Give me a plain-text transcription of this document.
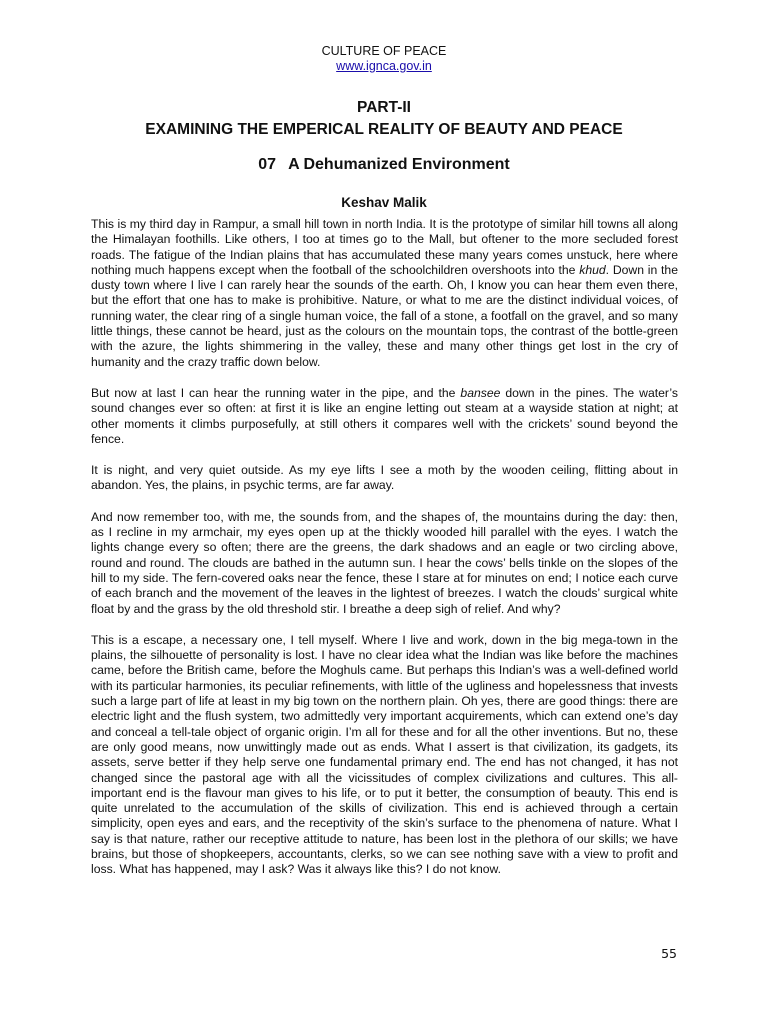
CULTURE OF PEACE
www.ignca.gov.in
PART-II
EXAMINING THE EMPERICAL REALITY OF BEAUTY AND PEACE
07 A Dehumanized Environment
Keshav Malik

This is my third day in Rampur, a small hill town in north India. It is the prototype of similar hill towns all along the Himalayan foothills. Like others, I too at times go to the Mall, but oftener to the more secluded forest roads. The fatigue of the Indian plains that has accumulated these many years comes unstuck, here where nothing much happens except when the football of the schoolchildren overshoots into the khud. Down in the dusty town where I live I can rarely hear the sounds of the earth. Oh, I know you can hear them even there, but the effort that one has to make is prohibitive. Nature, or what to me are the distinct individual voices, of running water, the clear ring of a single human voice, the fall of a stone, a footfall on the gravel, and so many little things, these cannot be heard, just as the colours on the mountain tops, the contrast of the bottle-green with the azure, the lights shimmering in the valley, these and many other things get lost in the cry of humanity and the crazy traffic down below.

But now at last I can hear the running water in the pipe, and the bansee down in the pines. The water’s sound changes ever so often: at first it is like an engine letting out steam at a wayside station at night; at other moments it climbs purposefully, at still others it compares well with the crickets’ sound beyond the fence.

It is night, and very quiet outside. As my eye lifts I see a moth by the wooden ceiling, flitting about in abandon. Yes, the plains, in psychic terms, are far away.

And now remember too, with me, the sounds from, and the shapes of, the mountains during the day: then, as I recline in my armchair, my eyes open up at the thickly wooded hill parallel with the eyes. I watch the lights change every so often; there are the greens, the dark shadows and an eagle or two circling above, round and round. The clouds are bathed in the autumn sun. I hear the cows’ bells tinkle on the slopes of the hill to my side. The fern-covered oaks near the fence, these I stare at for minutes on end; I notice each curve of each branch and the movement of the leaves in the lightest of breezes. I watch the clouds’ surgical white float by and the grass by the old threshold stir. I breathe a deep sigh of relief. And why?

This is a escape, a necessary one, I tell myself. Where I live and work, down in the big mega-town in the plains, the silhouette of personality is lost. I have no clear idea what the Indian was like before the machines came, before the British came, before the Moghuls came. But perhaps this Indian’s was a well-defined world with its particular harmonies, its peculiar refinements, with little of the ugliness and hopelessness that invests such a large part of life at least in my big town on the northern plain. Oh yes, there are good things: there are electric light and the flush system, two admittedly very important acquirements, which can extend one’s day and conceal a tell-tale object of organic origin. I’m all for these and for all the other inventions. But no, these are only good means, now unwittingly made out as ends. What I assert is that civilization, its gadgets, its assets, serve better if they help serve one fundamental primary end. The end has not changed, it has not changed since the pastoral age with all the vicissitudes of complex civilizations and cultures. This all-important end is the flavour man gives to his life, or to put it better, the consumption of beauty. This end is quite unrelated to the accumulation of the skills of civilization. This end is achieved through a certain simplicity, open eyes and ears, and the receptivity of the skin’s surface to the phenomena of nature. What I say is that nature, rather our receptive attitude to nature, has been lost in the plethora of our skills; we have brains, but those of shopkeepers, accountants, clerks, so we can see nothing save with a view to profit and loss. What has happened, may I ask? Was it always like this? I do not know.

55
